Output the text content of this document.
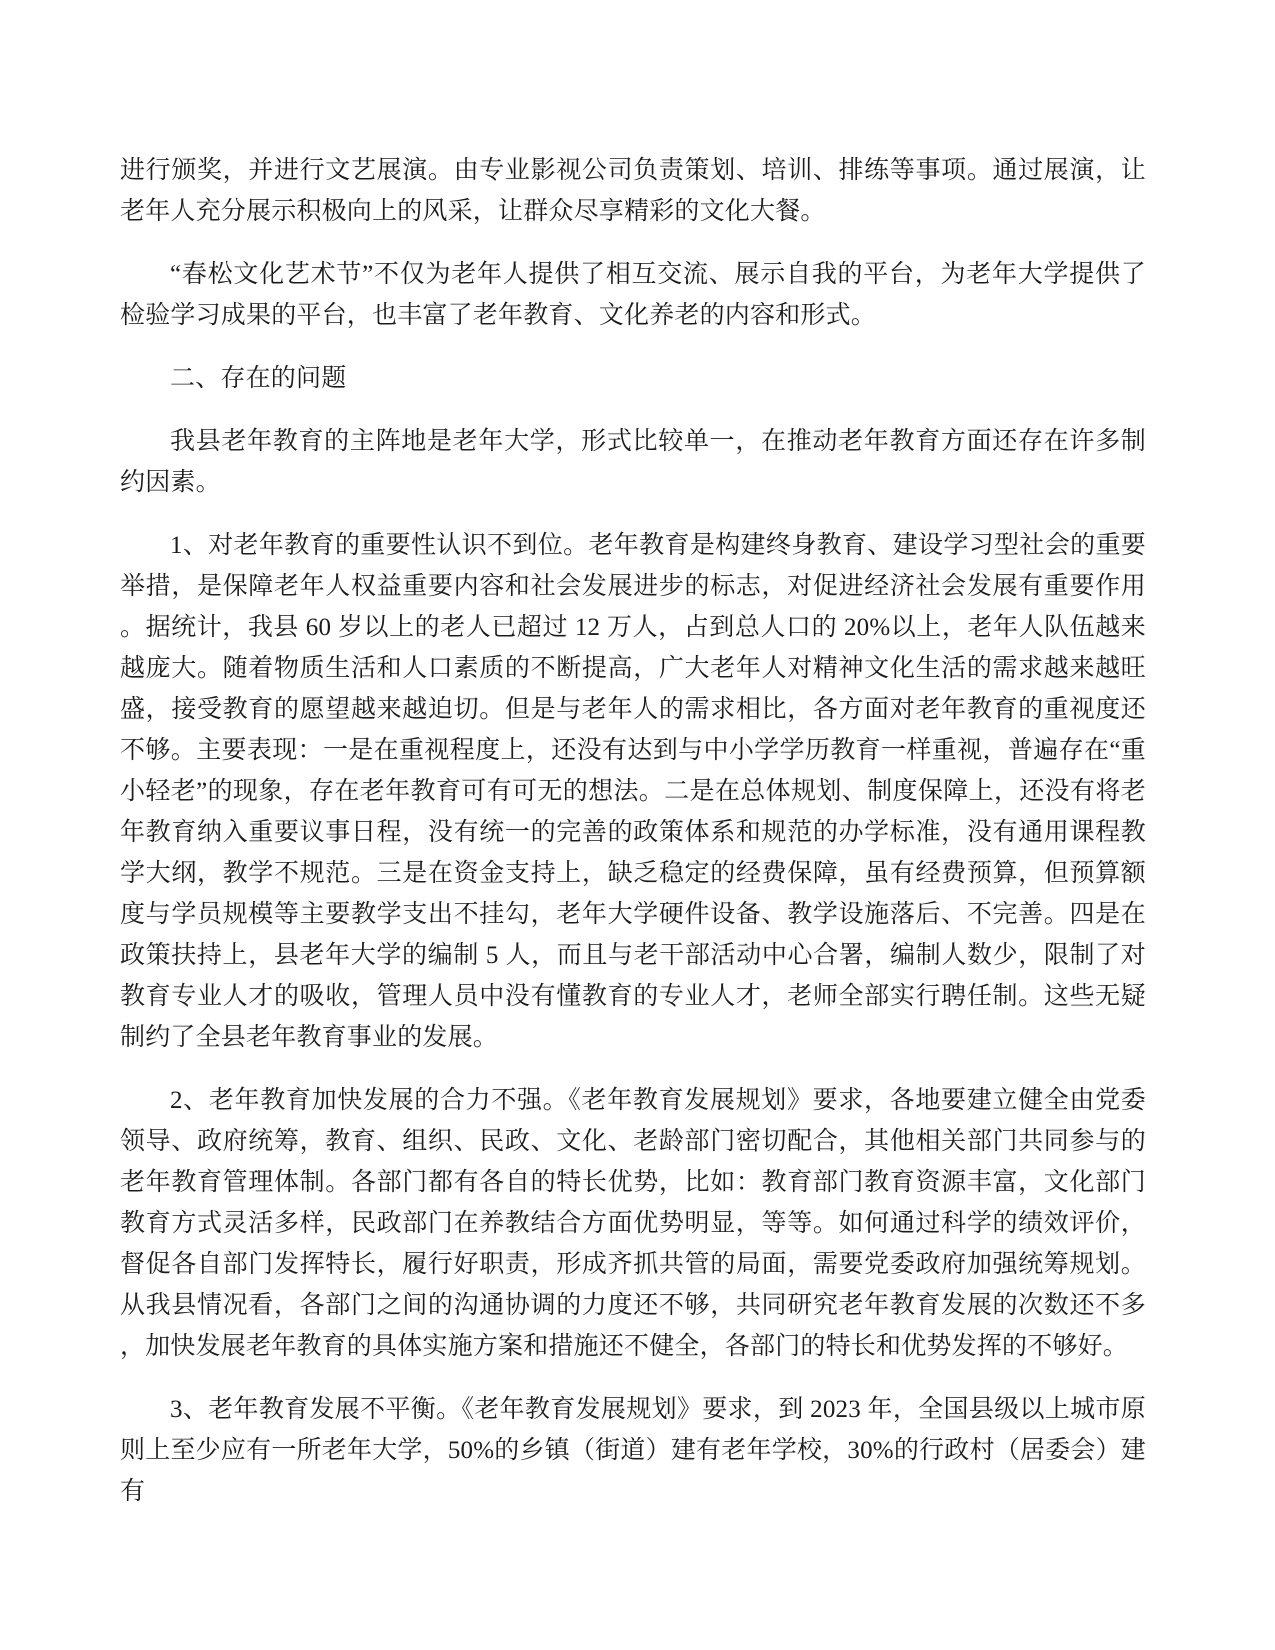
进行颁奖，并进行文艺展演。由专业影视公司负责策划、培训、排练等事项。通过展演，让老年人充分展示积极向上的风采，让群众尽享精彩的文化大餐。

“春松文化艺术节”不仅为老年人提供了相互交流、展示自我的平台，为老年大学提供了检验学习成果的平台，也丰富了老年教育、文化养老的内容和形式。

二、存在的问题

我县老年教育的主阵地是老年大学，形式比较单一，在推动老年教育方面还存在许多制约因素。

1、对老年教育的重要性认识不到位。老年教育是构建终身教育、建设学习型社会的重要举措，是保障老年人权益重要内容和社会发展进步的标志，对促进经济社会发展有重要作用。据统计，我县 60 岁以上的老人已超过 12 万人，占到总人口的 20%以上，老年人队伍越来越庞大。随着物质生活和人口素质的不断提高，广大老年人对精神文化生活的需求越来越旺盛，接受教育的愿望越来越迫切。但是与老年人的需求相比，各方面对老年教育的重视度还不够。主要表现：一是在重视程度上，还没有达到与中小学学历教育一样重视，普遍存在“重小轻老”的现象，存在老年教育可有可无的想法。二是在总体规划、制度保障上，还没有将老年教育纳入重要议事日程，没有统一的完善的政策体系和规范的办学标准，没有通用课程教学大纲，教学不规范。三是在资金支持上，缺乏稳定的经费保障，虽有经费预算，但预算额度与学员规模等主要教学支出不挂勾，老年大学硬件设备、教学设施落后、不完善。四是在政策扶持上，县老年大学的编制 5 人，而且与老干部活动中心合署，编制人数少，限制了对教育专业人才的吸收，管理人员中没有懂教育的专业人才，老师全部实行聘任制。这些无疑制约了全县老年教育事业的发展。

2、老年教育加快发展的合力不强。《老年教育发展规划》要求，各地要建立健全由党委领导、政府统筹，教育、组织、民政、文化、老龄部门密切配合，其他相关部门共同参与的老年教育管理体制。各部门都有各自的特长优势，比如：教育部门教育资源丰富，文化部门教育方式灵活多样，民政部门在养教结合方面优势明显，等等。如何通过科学的绩效评价，督促各自部门发挥特长，履行好职责，形成齐抓共管的局面，需要党委政府加强统筹规划。从我县情况看，各部门之间的沟通协调的力度还不够，共同研究老年教育发展的次数还不多，加快发展老年教育的具体实施方案和措施还不健全，各部门的特长和优势发挥的不够好。

3、老年教育发展不平衡。《老年教育发展规划》要求，到 2023 年，全国县级以上城市原则上至少应有一所老年大学，50%的乡镇（街道）建有老年学校，30%的行政村（居委会）建有
